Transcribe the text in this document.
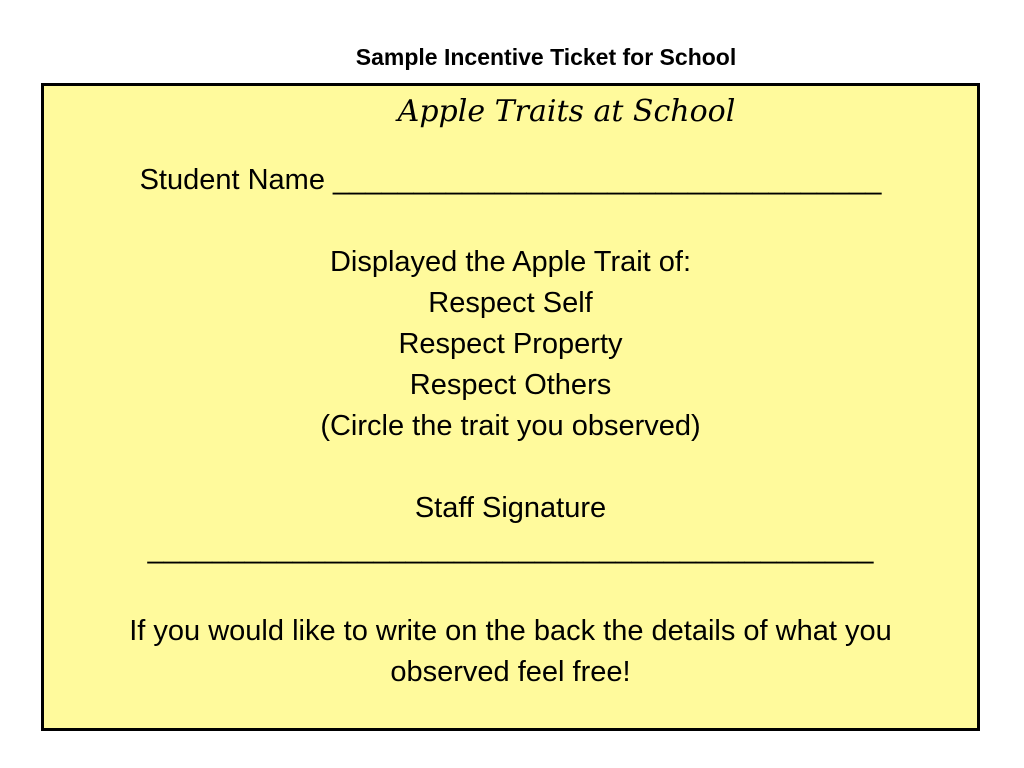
Sample Incentive Ticket for School
Apple Traits at School
Student Name __________________________________
Displayed the Apple Trait of:
Respect Self
Respect Property
Respect Others
(Circle the trait you observed)
Staff Signature
_____________________________________________
If you would like to write on the back the details of what you
observed feel free!
